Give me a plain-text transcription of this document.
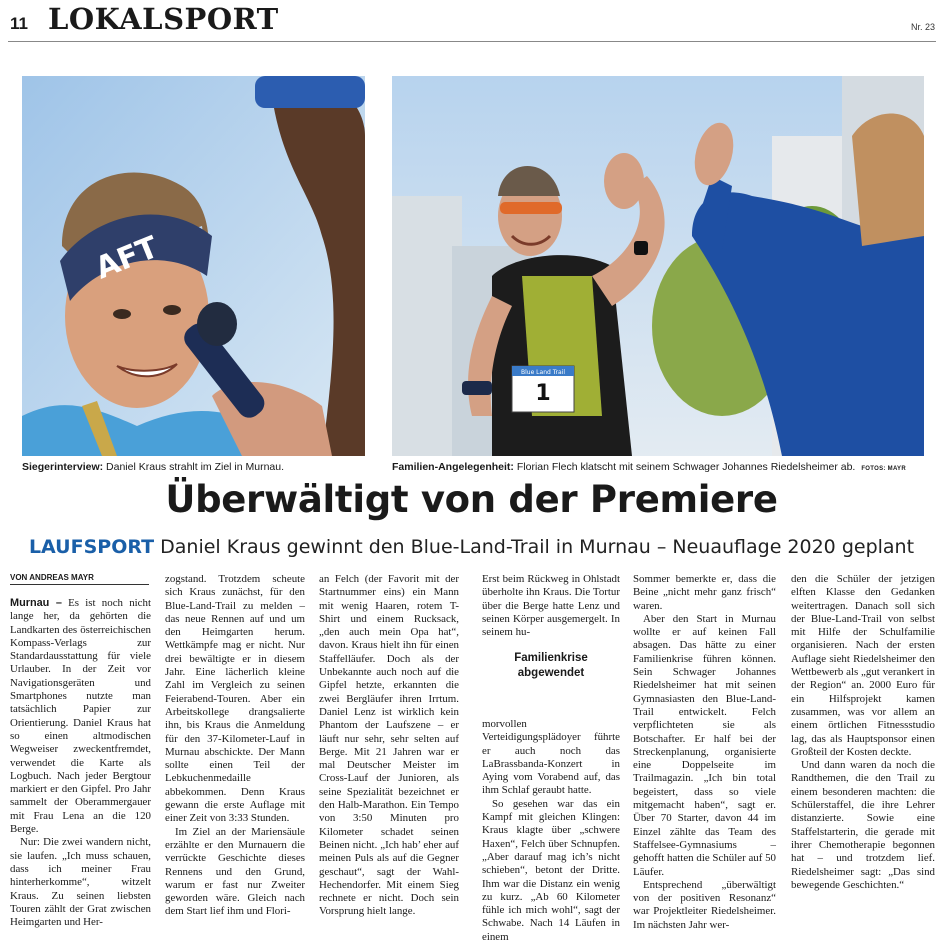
11 LOKALSPORT	Nr. 23
AFT
Blue Land Trail
1
Siegerinterview: Daniel Kraus strahlt im Ziel in Murnau.	Familien-Angelegenheit: Florian Flech klatscht mit seinem Schwager Johannes Riedelsheimer ab. FOTOS: MAYR
Überwältigt von der Premiere
LAUFSPORT Daniel Kraus gewinnt den Blue-Land-Trail in Murnau – Neuauflage 2020 geplant
VON ANDREAS MAYR

Murnau – Es ist noch nicht lange her, da gehörten die Landkarten des österreichischen Kompass-Verlags zur Standardausstattung für viele Urlauber. In der Zeit vor Navigationsgeräten und Smartphones nutzte man tatsächlich Papier zur Orientierung. Daniel Kraus hat so einen altmodischen Wegweiser zweckentfremdet, verwendet die Karte als Logbuch. Nach jeder Bergtour markiert er den Gipfel. Pro Jahr sammelt der Oberammergauer mit Frau Lena an die 120 Berge.

Nur: Die zwei wandern nicht, sie laufen. „Ich muss schauen, dass ich meiner Frau hinterherkomme“, witzelt Kraus. Zu seinen liebsten Touren zählt der Grat zwischen Heimgarten und Her-

zogstand. Trotzdem scheute sich Kraus zunächst, für den Blue-Land-Trail zu melden – das neue Rennen auf und um den Heimgarten herum. Wettkämpfe mag er nicht. Nur drei bewältigte er in diesem Jahr. Eine lächerlich kleine Zahl im Vergleich zu seinen Feierabend-Touren. Aber ein Arbeitskollege drangsalierte ihn, bis Kraus die Anmeldung für den 37-Kilometer-Lauf in Murnau abschickte. Der Mann sollte einen Teil der Lebkuchenmedaille abbekommen. Denn Kraus gewann die erste Auflage mit einer Zeit von 3:33 Stunden.

Im Ziel an der Mariensäule erzählte er den Murnauern die verrückte Geschichte dieses Rennens und den Grund, warum er fast nur Zweiter geworden wäre. Gleich nach dem Start lief ihm und Flori-

an Felch (der Favorit mit der Startnummer eins) ein Mann mit wenig Haaren, rotem T-Shirt und einem Rucksack, „den auch mein Opa hat“, davon. Kraus hielt ihn für einen Staffelläufer. Doch als der Unbekannte auch noch auf die Gipfel hetzte, erkannten die zwei Bergläufer ihren Irrtum. Daniel Lenz ist wirklich kein Phantom der Laufszene – er läuft nur sehr, sehr selten auf Berge. Mit 21 Jahren war er mal Deutscher Meister im Cross-Lauf der Junioren, als seine Spezialität bezeichnet er den Halb-Marathon. Ein Tempo von 3:50 Minuten pro Kilometer schadet seinen Beinen nicht. „Ich hab’ eher auf meinen Puls als auf die Gegner geschaut“, sagt der Wahl-Hechendorfer. Mit einem Sieg rechnete er nicht. Doch sein Vorsprung hielt lange.

Erst beim Rückweg in Ohlstadt überholte ihn Kraus. Die Tortur über die Berge hatte Lenz und seinen Körper ausgemergelt. In seinem hu-

Familienkrise abgewendet

morvollen Verteidigungsplädoyer führte er auch noch das LaBrassbanda-Konzert in Aying vom Vorabend auf, das ihm Schlaf geraubt hatte.

So gesehen war das ein Kampf mit gleichen Klingen: Kraus klagte über „schwere Haxen“, Felch über Schnupfen. „Aber darauf mag ich’s nicht schieben“, betont der Dritte. Ihm war die Distanz ein wenig zu kurz. „Ab 60 Kilometer fühle ich mich wohl“, sagt der Schwabe. Nach 14 Läufen in einem

Sommer bemerkte er, dass die Beine „nicht mehr ganz frisch“ waren.

Aber den Start in Murnau wollte er auf keinen Fall absagen. Das hätte zu einer Familienkrise führen können. Sein Schwager Johannes Riedelsheimer hat mit seinen Gymnasiasten den Blue-Land-Trail entwickelt. Felch verpflichteten sie als Botschafter. Er half bei der Streckenplanung, organisierte eine Doppelseite im Trailmagazin. „Ich bin total begeistert, dass so viele mitgemacht haben“, sagt er. Über 70 Starter, davon 44 im Einzel zählte das Team des Staffelsee-Gymnasiums – gehofft hatten die Schüler auf 50 Läufer.

Entsprechend „überwältigt von der positiven Resonanz“ war Projektleiter Riedelsheimer. Im nächsten Jahr wer-

den die Schüler der jetzigen elften Klasse den Gedanken weitertragen. Danach soll sich der Blue-Land-Trail von selbst mit Hilfe der Schulfamilie organisieren. Nach der ersten Auflage sieht Riedelsheimer den Wettbewerb als „gut verankert in der Region“ an. 2000 Euro für ein Hilfsprojekt kamen zusammen, was vor allem an einem örtlichen Fitnessstudio lag, das als Hauptsponsor einen Großteil der Kosten deckte.

Und dann waren da noch die Randthemen, die den Trail zu einem besonderen machten: die Schülerstaffel, die ihre Lehrer distanzierte. Sowie eine Staffelstarterin, die gerade mit ihrer Chemotherapie begonnen hat – und trotzdem lief. Riedelsheimer sagt: „Das sind bewegende Geschichten.“
